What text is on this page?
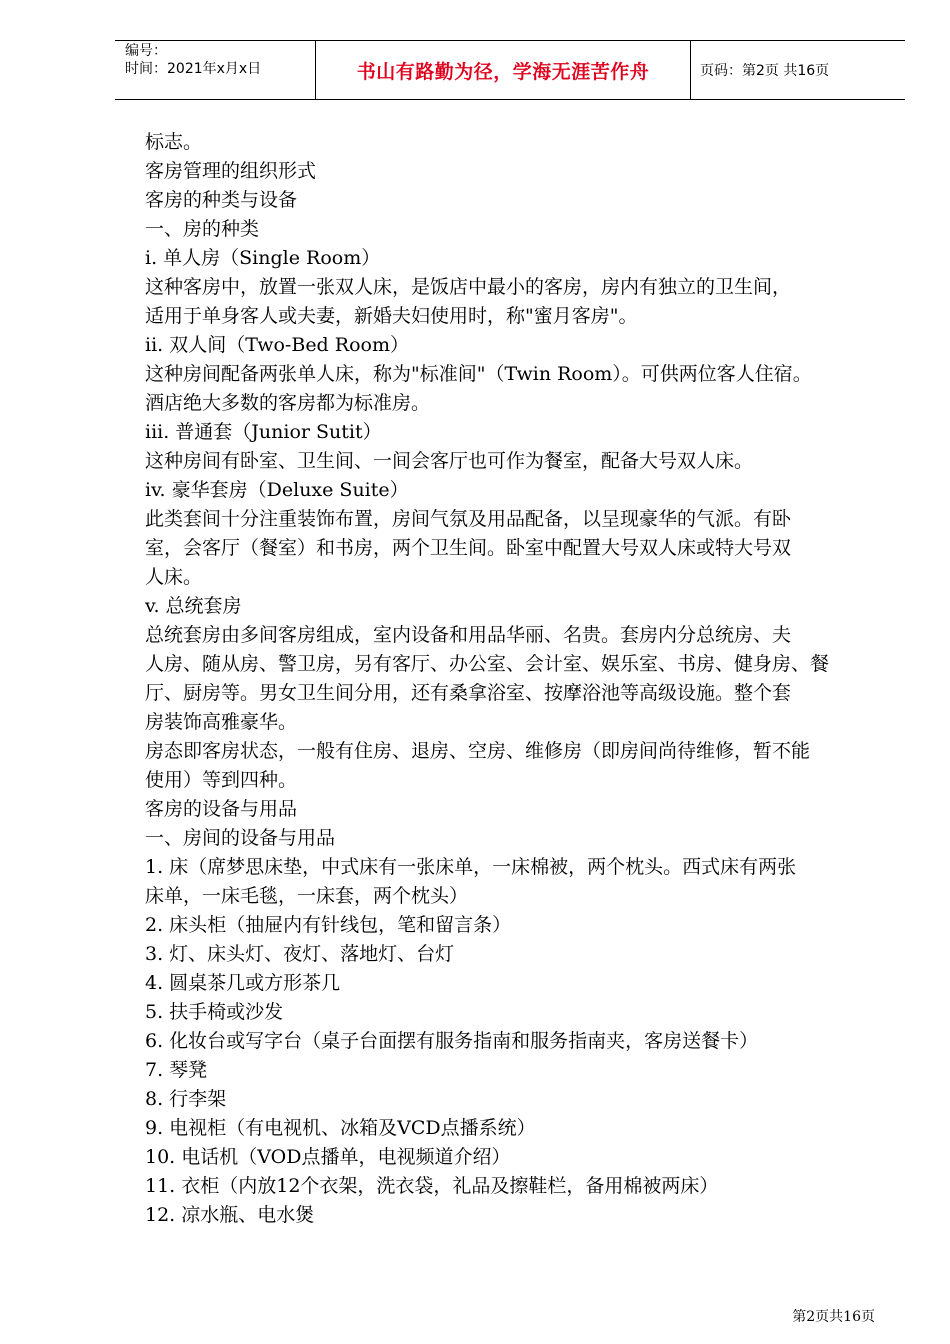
编号：
时间：2021年x月x日	书山有路勤为径，学海无涯苦作舟	页码：第2页 共16页
标志。
客房管理的组织形式
客房的种类与设备
一、房的种类
i. 单人房（Single Room）
这种客房中，放置一张双人床，是饭店中最小的客房，房内有独立的卫生间，
适用于单身客人或夫妻，新婚夫妇使用时，称"蜜月客房"。
ii. 双人间（Two-Bed Room）
这种房间配备两张单人床，称为"标准间"（Twin Room）。可供两位客人住宿。
酒店绝大多数的客房都为标准房。
iii. 普通套（Junior Sutit）
这种房间有卧室、卫生间、一间会客厅也可作为餐室，配备大号双人床。
iv. 豪华套房（Deluxe Suite）
此类套间十分注重装饰布置，房间气氛及用品配备，以呈现豪华的气派。有卧
室，会客厅（餐室）和书房，两个卫生间。卧室中配置大号双人床或特大号双
人床。
v. 总统套房
总统套房由多间客房组成，室内设备和用品华丽、名贵。套房内分总统房、夫
人房、随从房、警卫房，另有客厅、办公室、会计室、娱乐室、书房、健身房、餐
厅、厨房等。男女卫生间分用，还有桑拿浴室、按摩浴池等高级设施。整个套
房装饰高雅豪华。
房态即客房状态，一般有住房、退房、空房、维修房（即房间尚待维修，暂不能
使用）等到四种。
客房的设备与用品
一、房间的设备与用品
1. 床（席梦思床垫，中式床有一张床单，一床棉被，两个枕头。西式床有两张
床单，一床毛毯，一床套，两个枕头）
2. 床头柜（抽屉内有针线包，笔和留言条）
3. 灯、床头灯、夜灯、落地灯、台灯
4. 圆桌茶几或方形茶几
5. 扶手椅或沙发
6. 化妆台或写字台（桌子台面摆有服务指南和服务指南夹，客房送餐卡）
7. 琴凳
8. 行李架
9. 电视柜（有电视机、冰箱及VCD点播系统）
10. 电话机（VOD点播单，电视频道介绍）
11. 衣柜（内放12个衣架，洗衣袋，礼品及擦鞋栏，备用棉被两床）
12. 凉水瓶、电水煲
第2页共16页
